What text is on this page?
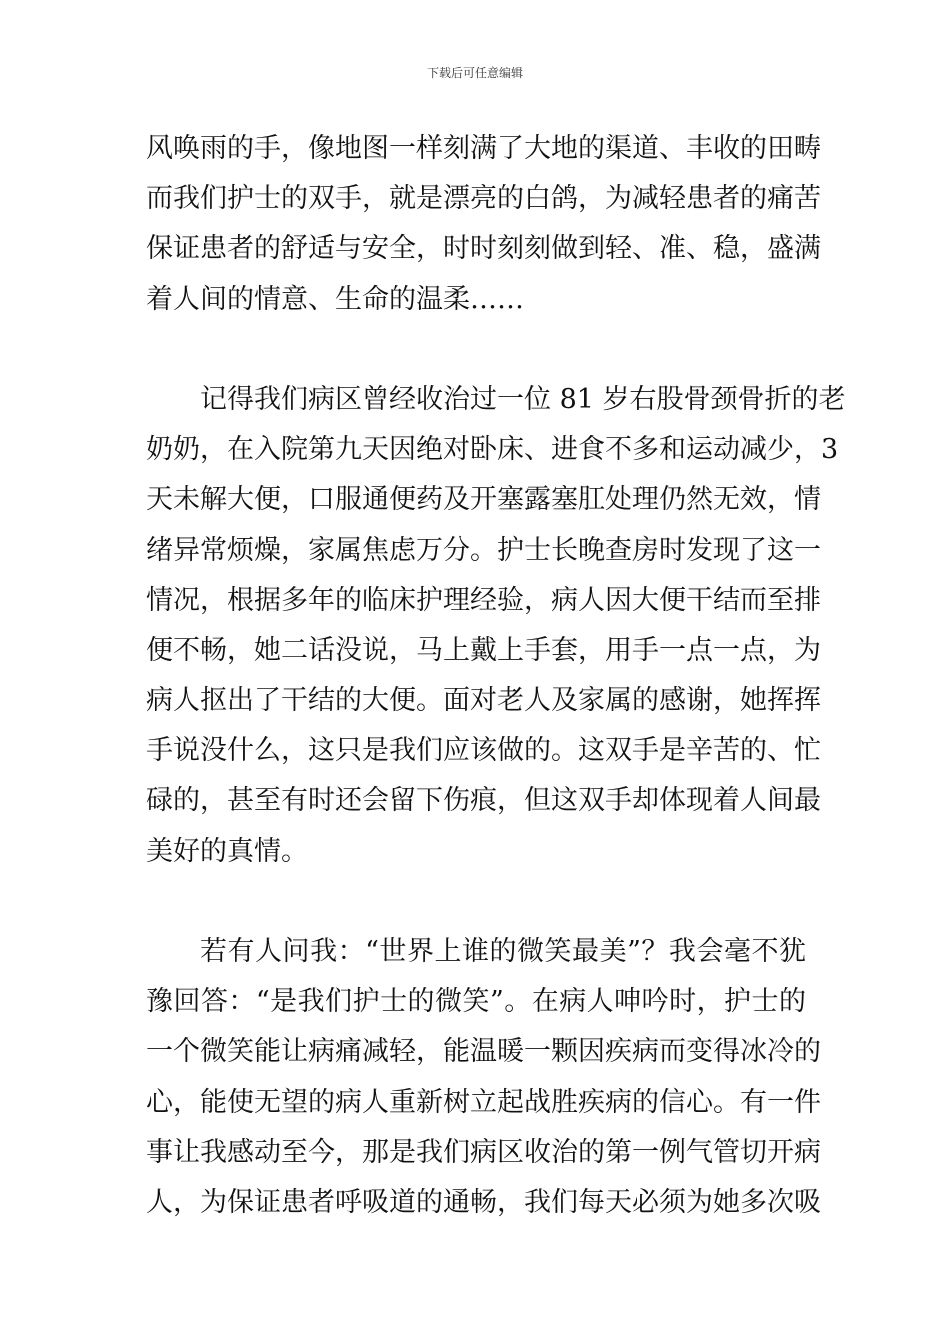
下载后可任意编辑
风唤雨的手，像地图一样刻满了大地的渠道、丰收的田畴
而我们护士的双手，就是漂亮的白鸽，为减轻患者的痛苦
保证患者的舒适与安全，时时刻刻做到轻、准、稳，盛满
着人间的情意、生命的温柔……
记得我们病区曾经收治过一位 81 岁右股骨颈骨折的老
奶奶，在入院第九天因绝对卧床、进食不多和运动减少，3
天未解大便，口服通便药及开塞露塞肛处理仍然无效，情
绪异常烦燥，家属焦虑万分。护士长晚查房时发现了这一
情况，根据多年的临床护理经验，病人因大便干结而至排
便不畅，她二话没说，马上戴上手套，用手一点一点，为
病人抠出了干结的大便。面对老人及家属的感谢，她挥挥
手说没什么，这只是我们应该做的。这双手是辛苦的、忙
碌的，甚至有时还会留下伤痕，但这双手却体现着人间最
美好的真情。
若有人问我：“世界上谁的微笑最美”？我会毫不犹
豫回答：“是我们护士的微笑”。在病人呻吟时，护士的
一个微笑能让病痛减轻，能温暖一颗因疾病而变得冰冷的
心，能使无望的病人重新树立起战胜疾病的信心。有一件
事让我感动至今，那是我们病区收治的第一例气管切开病
人，为保证患者呼吸道的通畅，我们每天必须为她多次吸
